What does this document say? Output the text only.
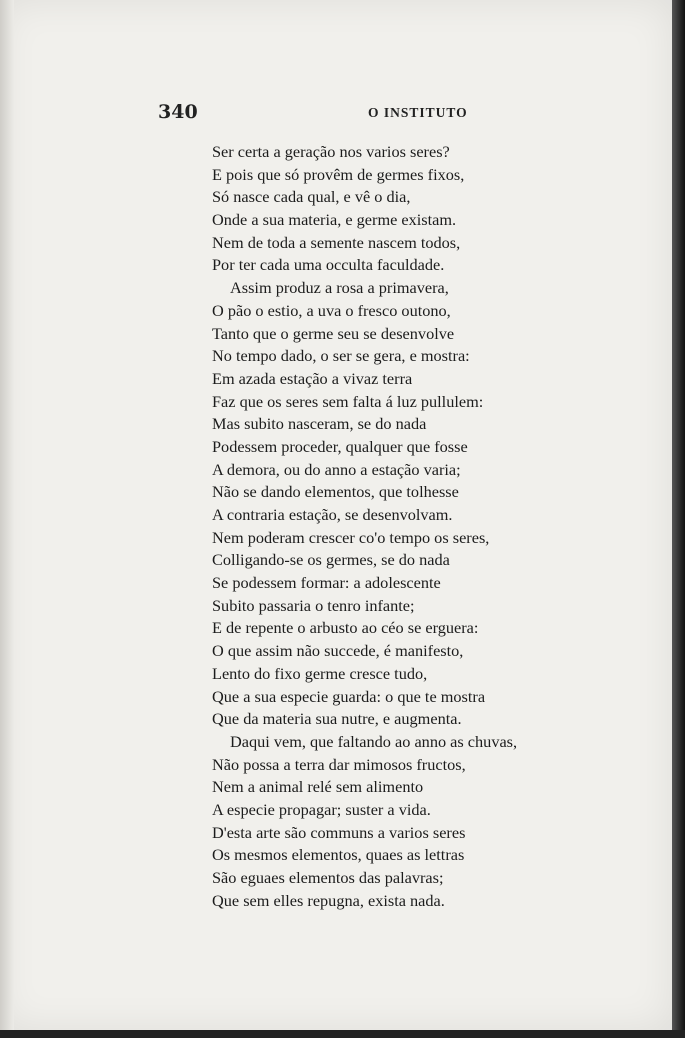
340	O INSTITUTO
Ser certa a geração nos varios seres?
E pois que só provêm de germes fixos,
Só nasce cada qual, e vê o dia,
Onde a sua materia, e germe existam.
Nem de toda a semente nascem todos,
Por ter cada uma occulta faculdade.
Assim produz a rosa a primavera,
O pão o estio, a uva o fresco outono,
Tanto que o germe seu se desenvolve
No tempo dado, o ser se gera, e mostra:
Em azada estação a vivaz terra
Faz que os seres sem falta á luz pullulem:
Mas subito nasceram, se do nada
Podessem proceder, qualquer que fosse
A demora, ou do anno a estação varia;
Não se dando elementos, que tolhesse
A contraria estação, se desenvolvam.
Nem poderam crescer co'o tempo os seres,
Colligando-se os germes, se do nada
Se podessem formar: a adolescente
Subito passaria o tenro infante;
E de repente o arbusto ao céo se erguera:
O que assim não succede, é manifesto,
Lento do fixo germe cresce tudo,
Que a sua especie guarda: o que te mostra
Que da materia sua nutre, e augmenta.
Daqui vem, que faltando ao anno as chuvas,
Não possa a terra dar mimosos fructos,
Nem a animal relé sem alimento
A especie propagar; suster a vida.
D'esta arte são communs a varios seres
Os mesmos elementos, quaes as lettras
São eguaes elementos das palavras;
Que sem elles repugna, exista nada.
